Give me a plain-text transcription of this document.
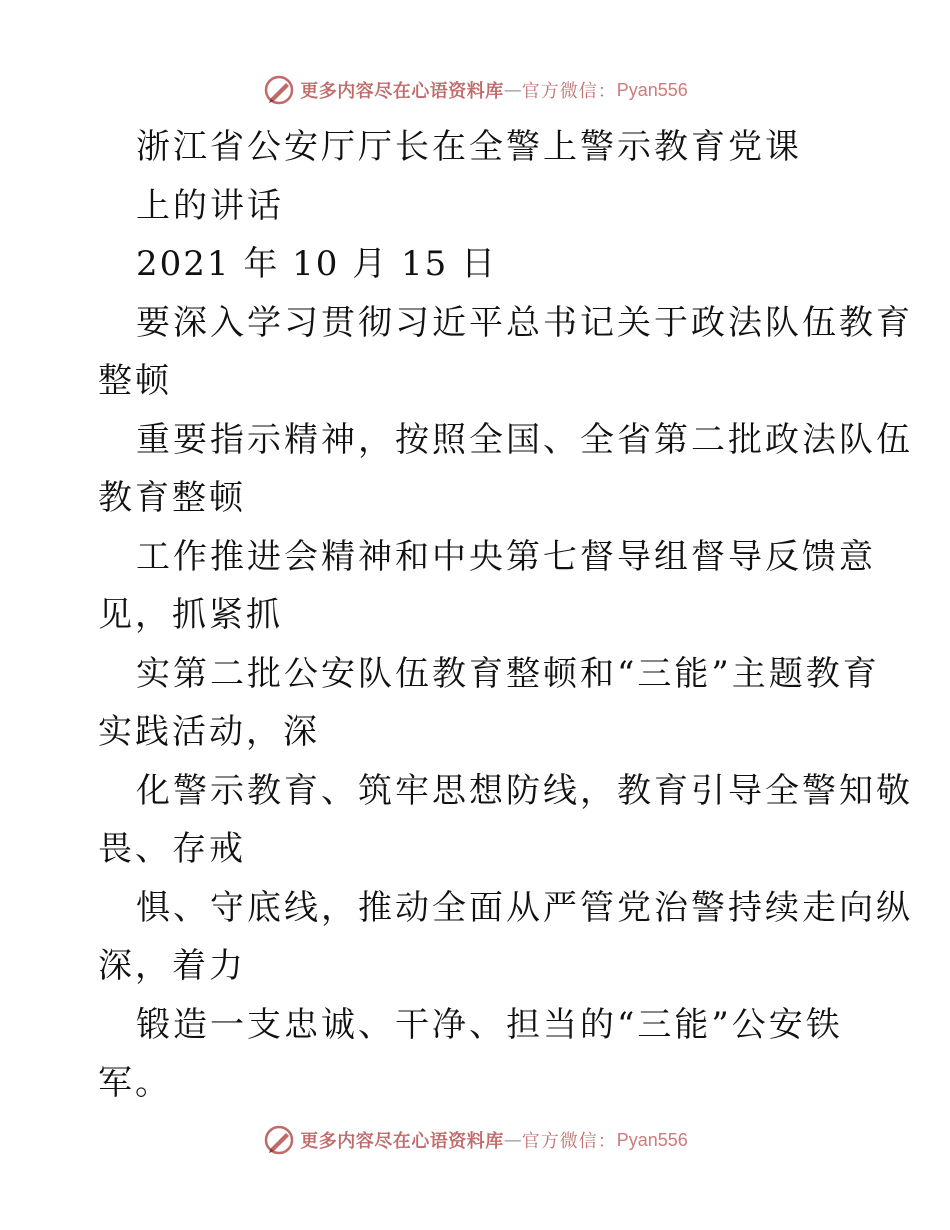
更多内容尽在心语资料库 — 官方微信： Pyan556
浙江省公安厅厅长在全警上警示教育党课
上的讲话
2021 年 10 月 15 日
要深入学习贯彻习近平总书记关于政法队伍教育
整顿
重要指示精神，按照全国、全省第二批政法队伍
教育整顿
工作推进会精神和中央第七督导组督导反馈意
见，抓紧抓
实第二批公安队伍教育整顿和“三能”主题教育
实践活动，深
化警示教育、筑牢思想防线，教育引导全警知敬
畏、存戒
惧、守底线，推动全面从严管党治警持续走向纵
深，着力
锻造一支忠诚、干净、担当的“三能”公安铁
军。
更多内容尽在心语资料库 — 官方微信： Pyan556
